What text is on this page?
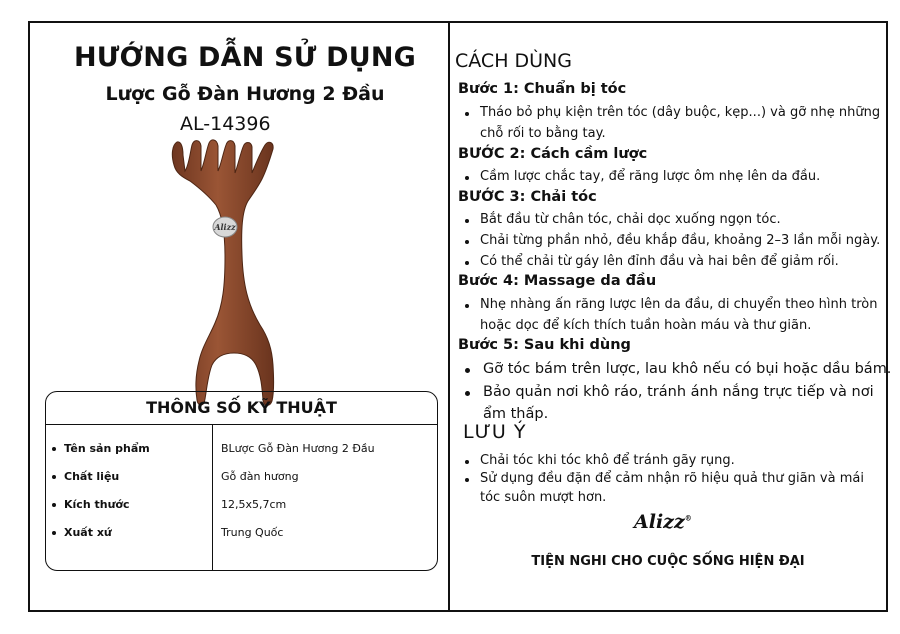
HƯỚNG DẪN SỬ DỤNG
Lược Gỗ Đàn Hương 2 Đầu
AL-14396
Alizz
THÔNG SỐ KỸ THUẬT
Tên sản phẩm	BLược Gỗ Đàn Hương 2 Đầu
Chất liệu	Gỗ đàn hương
Kích thước	12,5x5,7cm
Xuất xứ	Trung Quốc
CÁCH DÙNG
Bước 1: Chuẩn bị tóc
Tháo bỏ phụ kiện trên tóc (dây buộc, kẹp...) và gỡ nhẹ những
chỗ rối to bằng tay.
BƯỚC 2: Cách cầm lược
Cầm lược chắc tay, để răng lược ôm nhẹ lên da đầu.
BƯỚC 3: Chải tóc
Bắt đầu từ chân tóc, chải dọc xuống ngọn tóc.
Chải từng phần nhỏ, đều khắp đầu, khoảng 2–3 lần mỗi ngày.
Có thể chải từ gáy lên đỉnh đầu và hai bên để giảm rối.
Bước 4: Massage da đầu
Nhẹ nhàng ấn răng lược lên da đầu, di chuyển theo hình tròn
hoặc dọc để kích thích tuần hoàn máu và thư giãn.
Bước 5: Sau khi dùng
Gỡ tóc bám trên lược, lau khô nếu có bụi hoặc dầu bám.
Bảo quản nơi khô ráo, tránh ánh nắng trực tiếp và nơi
ẩm thấp.
LƯU Ý
Chải tóc khi tóc khô để tránh gãy rụng.
Sử dụng đều đặn để cảm nhận rõ hiệu quả thư giãn và mái
tóc suôn mượt hơn.
Alizz®
TIỆN NGHI CHO CUỘC SỐNG HIỆN ĐẠI
